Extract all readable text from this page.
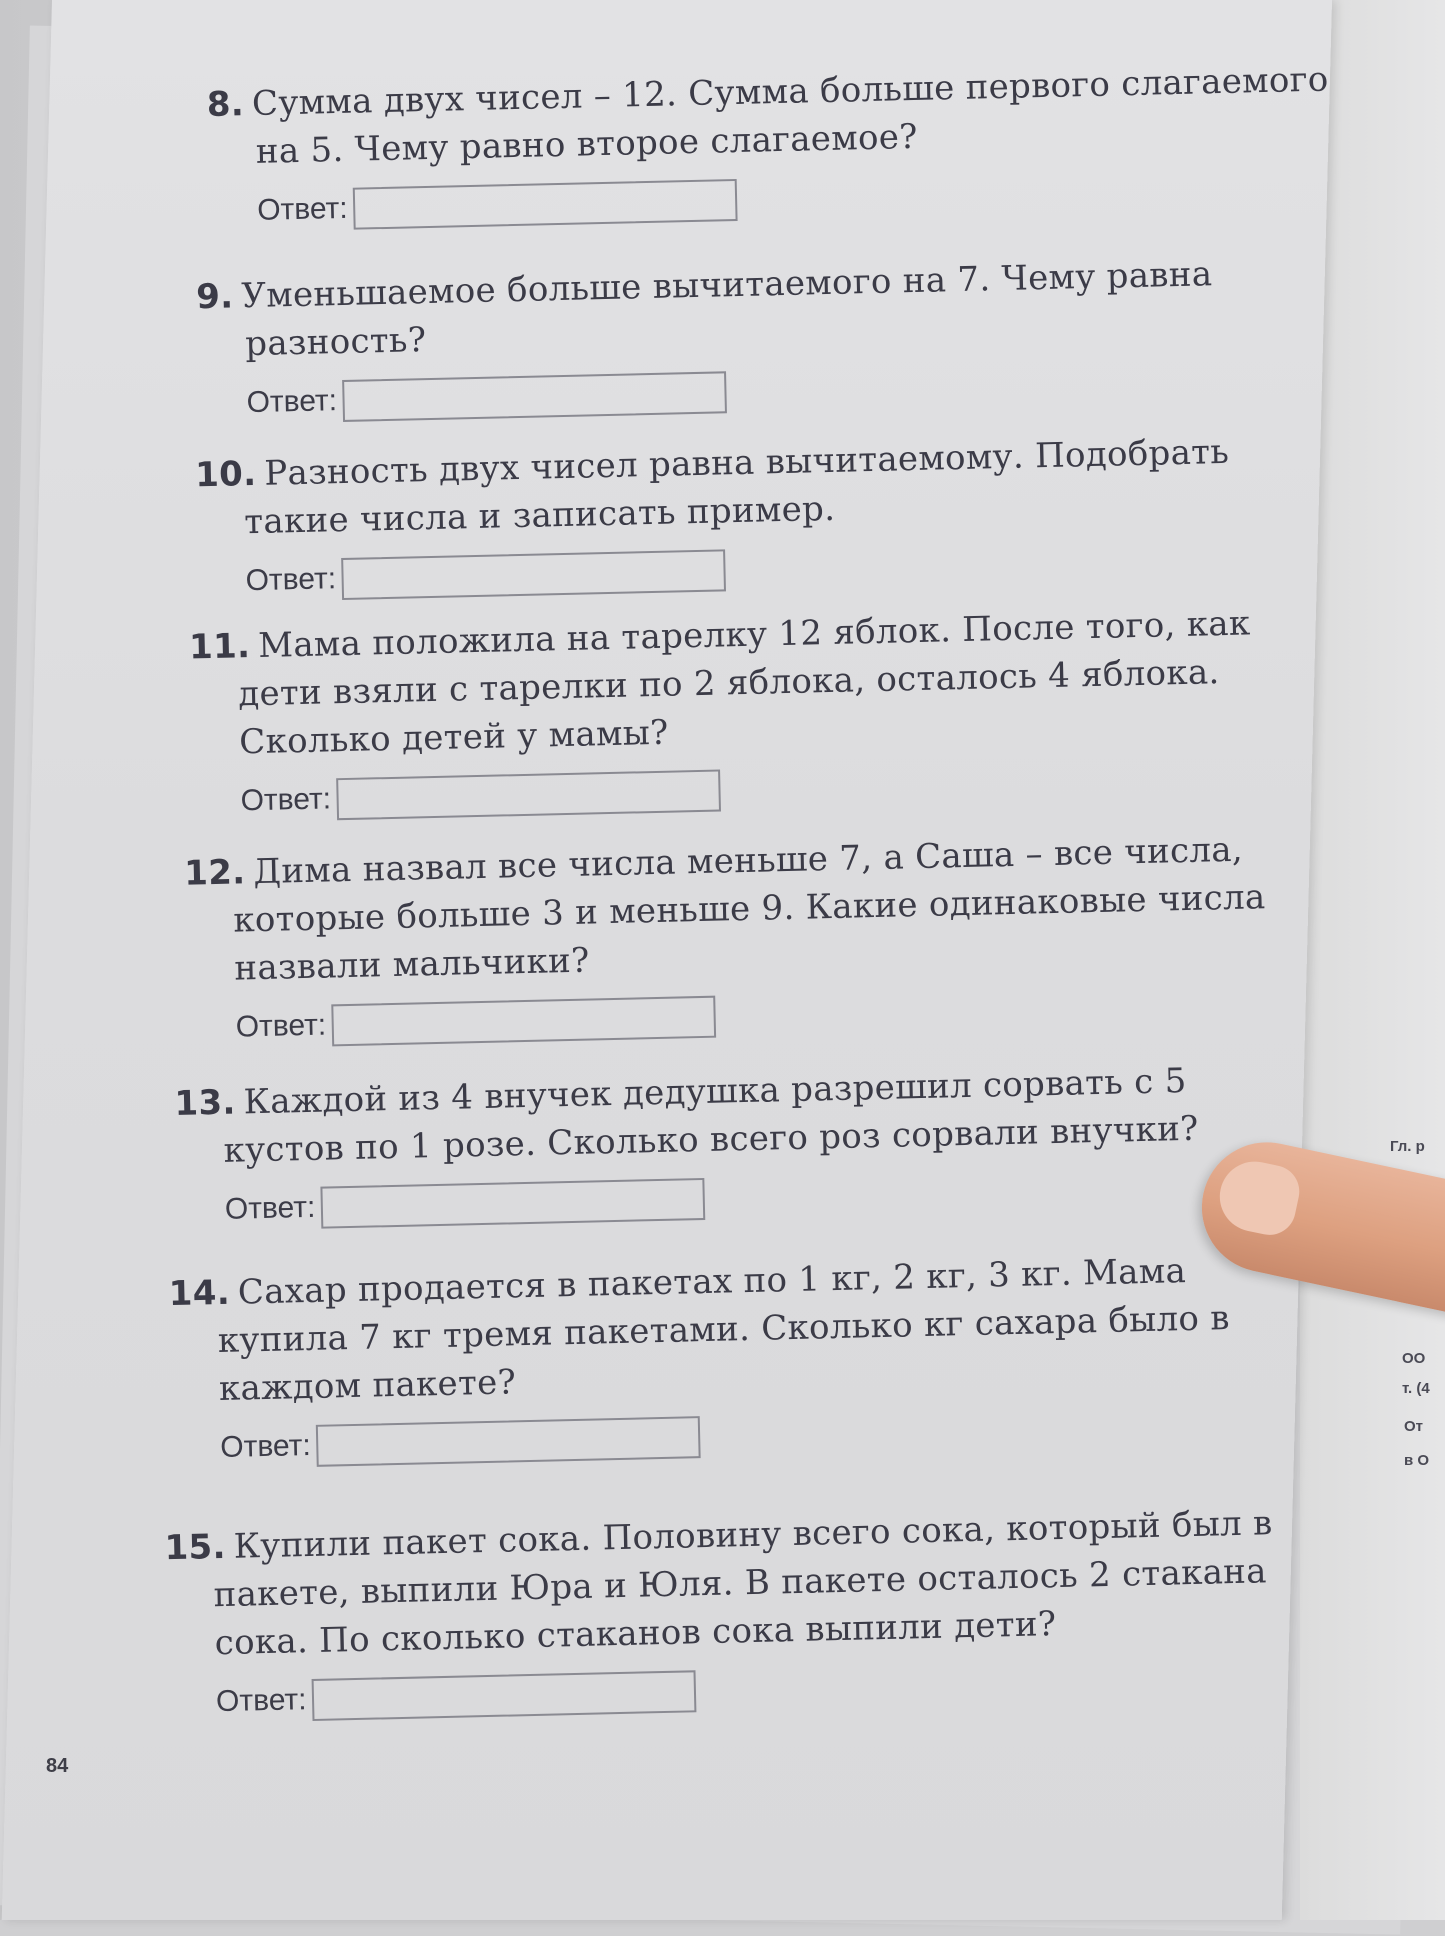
Гл. р
ОО
т. (4
От
в О

8. Сумма двух чисел – 12. Сумма больше первого слагаемого на 5. Чему равно второе слагаемое?

Ответ:

9. Уменьшаемое больше вычитаемого на 7. Чему равна разность?

Ответ:

10. Разность двух чисел равна вычитаемому. Подобрать такие числа и записать пример.

Ответ:

11. Мама положила на тарелку 12 яблок. После того, как дети взяли с тарелки по 2 яблока, осталось 4 яблока. Сколько детей у мамы?

Ответ:

12. Дима назвал все числа меньше 7, а Саша – все числа, которые больше 3 и меньше 9. Какие одинаковые числа назвали мальчики?

Ответ:

13. Каждой из 4 внучек дедушка разрешил сорвать с 5 кустов по 1 розе. Сколько всего роз сорвали внучки?

Ответ:

14. Сахар продается в пакетах по 1 кг, 2 кг, 3 кг. Мама купила 7 кг тремя пакетами. Сколько кг сахара было в каждом пакете?

Ответ:

15. Купили пакет сока. Половину всего сока, который был в пакете, выпили Юра и Юля. В пакете осталось 2 стакана сока. По сколько стаканов сока выпили дети?

Ответ:
84
